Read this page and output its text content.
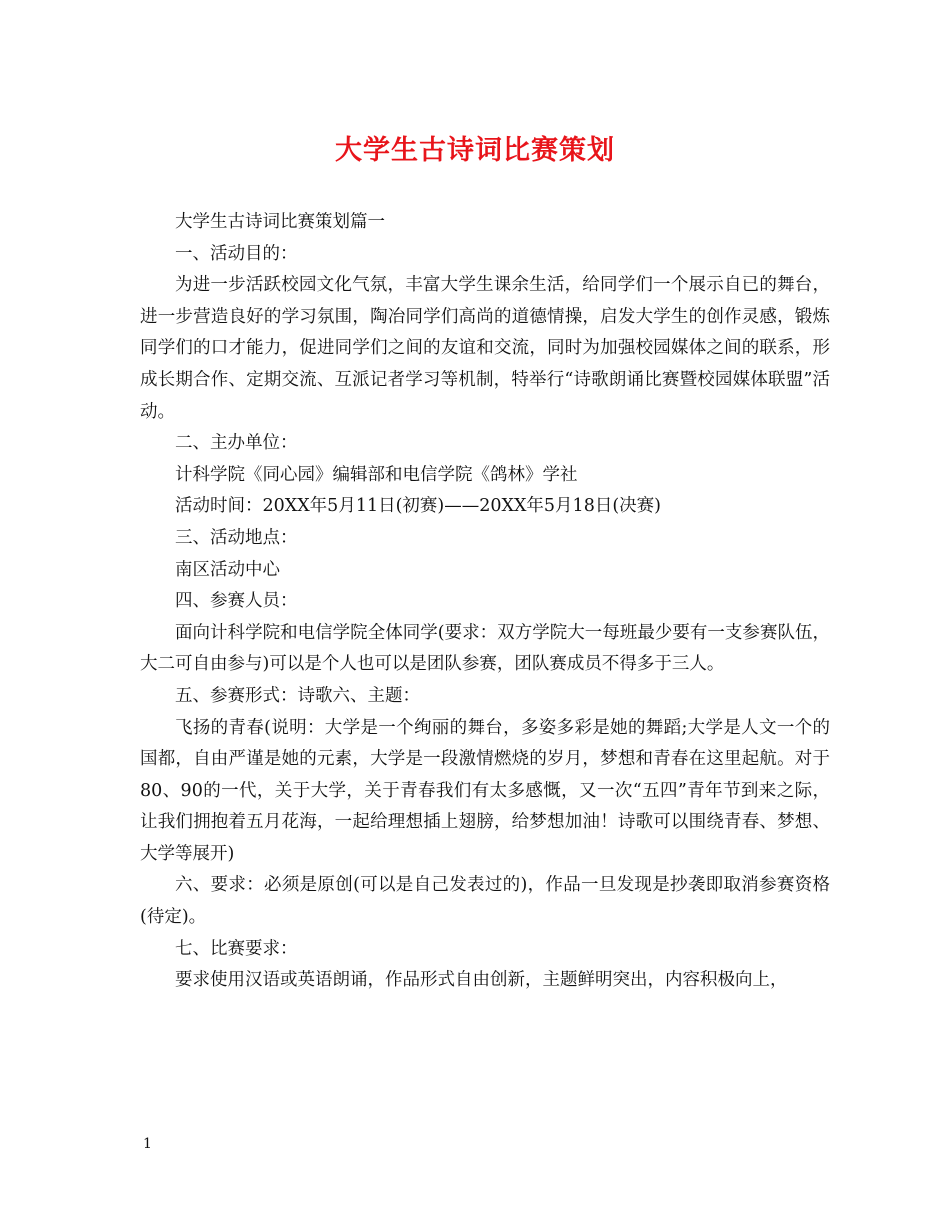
大学生古诗词比赛策划

大学生古诗词比赛策划篇一

一、活动目的：

为进一步活跃校园文化气氛，丰富大学生课余生活，给同学们一个展示自已的舞台，进一步营造良好的学习氛围，陶冶同学们高尚的道德情操，启发大学生的创作灵感，锻炼同学们的口才能力，促进同学们之间的友谊和交流，同时为加强校园媒体之间的联系，形成长期合作、定期交流、互派记者学习等机制，特举行“诗歌朗诵比赛暨校园媒体联盟”活动。

二、主办单位：

计科学院《同心园》编辑部和电信学院《鸽林》学社

活动时间：20XX年5月11日(初赛)——20XX年5月18日(决赛)

三、活动地点：

南区活动中心

四、参赛人员：

面向计科学院和电信学院全体同学(要求：双方学院大一每班最少要有一支参赛队伍，大二可自由参与)可以是个人也可以是团队参赛，团队赛成员不得多于三人。

五、参赛形式：诗歌六、主题：

飞扬的青春(说明：大学是一个绚丽的舞台，多姿多彩是她的舞蹈;大学是人文一个的国都，自由严谨是她的元素，大学是一段激情燃烧的岁月，梦想和青春在这里起航。对于80、90的一代，关于大学，关于青春我们有太多感慨，又一次“五四”青年节到来之际，让我们拥抱着五月花海，一起给理想插上翅膀，给梦想加油！诗歌可以围绕青春、梦想、大学等展开)

六、要求：必须是原创(可以是自己发表过的)，作品一旦发现是抄袭即取消参赛资格(待定)。

七、比赛要求：

要求使用汉语或英语朗诵，作品形式自由创新，主题鲜明突出，内容积极向上，

1
